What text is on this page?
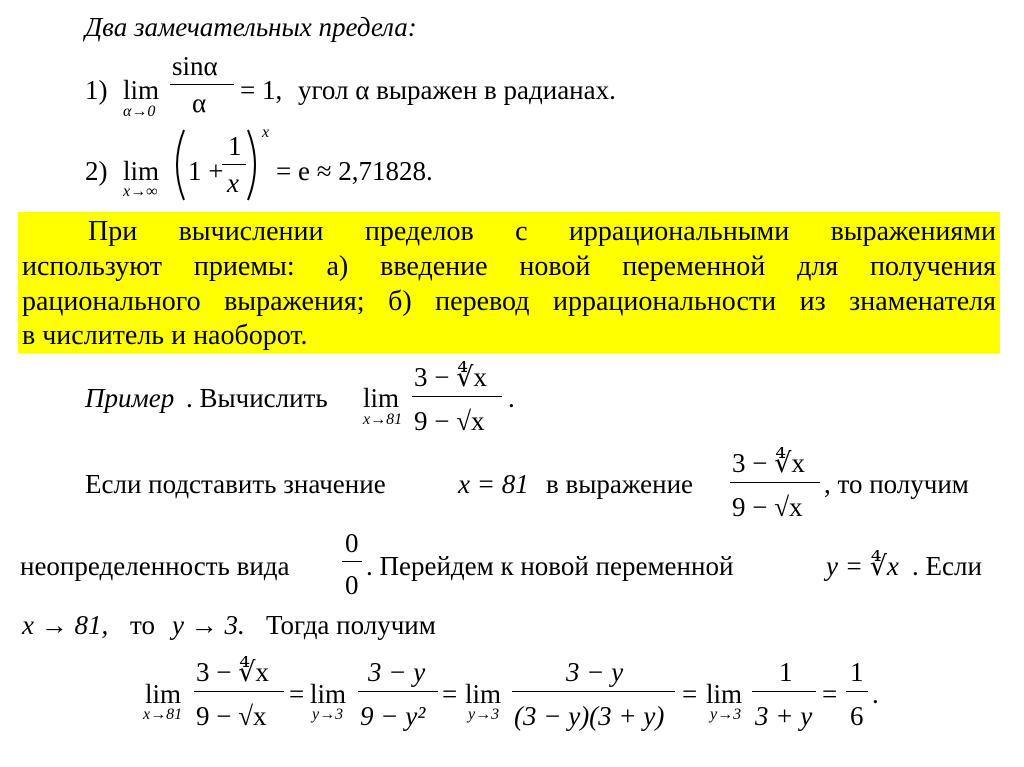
Два замечательных предела:
1) lim
α→0
sinα
α = 1, угол α выражен в радианах.
2) lim
x→∞
1 +
1
x
x
= e ≈ 2,71828.
При вычислении пределов с иррациональными выражениями
используют приемы: а) введение новой переменной для получения
рационального выражения; б) перевод иррациональности из знаменателя
в числитель и наоборот.
Пример . Вычислить lim
x→81
3 − ∜x
9 − √x
.
Если подставить значение	x = 81 в выражение
3 − ∜x
9 − √x
, то получим
неопределенность вида
0
0
. Перейдем к новой переменной	y = ∜x . Если
x → 81, то y → 3. Тогда получим
lim
x→81
3 − ∜x
9 − √x
= lim
y→3
3 − y
9 − y²
= lim
y→3
3 − y
(3 − y)(3 + y)
= lim
y→3
1
3 + y
=
1
6
.
